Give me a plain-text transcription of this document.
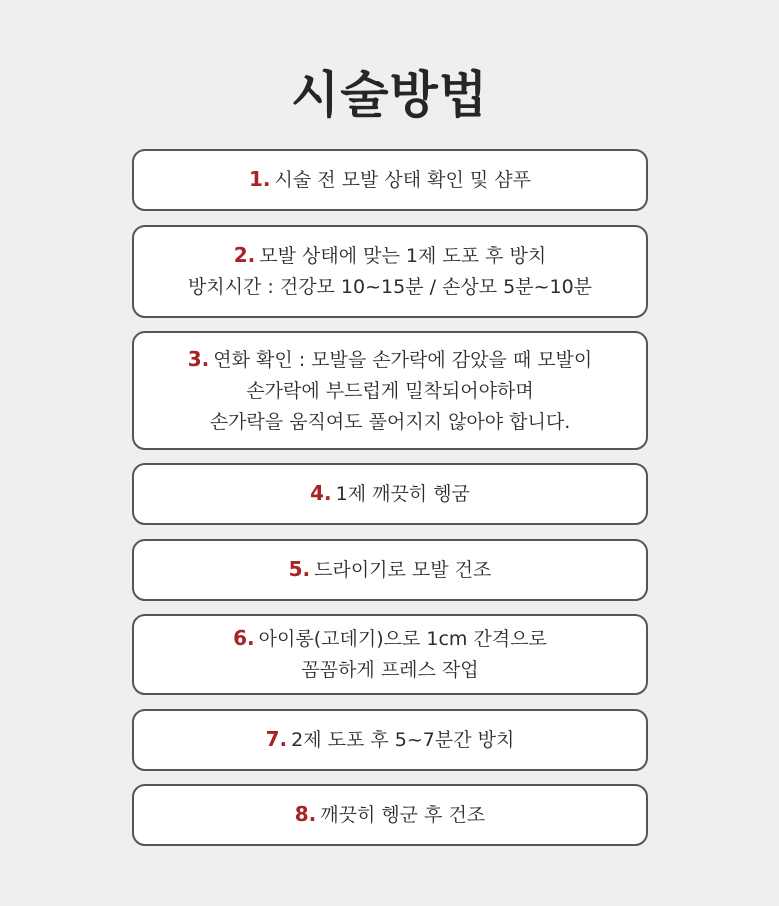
시술방법
1. 시술 전 모발 상태 확인 및 샴푸
2. 모발 상태에 맞는 1제 도포 후 방치
방치시간 : 건강모 10~15분 / 손상모 5분~10분
3. 연화 확인 : 모발을 손가락에 감았을 때 모발이
손가락에 부드럽게 밀착되어야하며
손가락을 움직여도 풀어지지 않아야 합니다.
4. 1제 깨끗히 헹굼
5. 드라이기로 모발 건조
6. 아이롱(고데기)으로 1cm 간격으로
꼼꼼하게 프레스 작업
7. 2제 도포 후 5~7분간 방치
8. 깨끗히 헹군 후 건조
